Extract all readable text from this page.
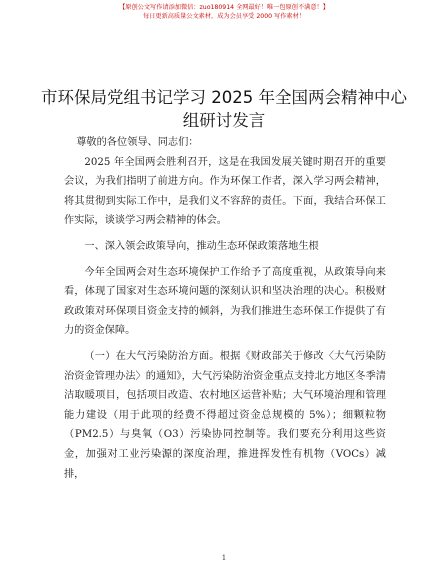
【原创公文写作请添加微信：zuo180914 全网最好！唯一包原创不满意！】
每日更新高质量公文素材，成为会员享受 2000 写作素材！
市环保局党组书记学习 2025 年全国两会精神中心组研讨发言

尊敬的各位领导、同志们：

2025 年全国两会胜利召开，这是在我国发展关键时期召开的重要会议，为我们指明了前进方向。作为环保工作者，深入学习两会精神，将其贯彻到实际工作中，是我们义不容辞的责任。下面，我结合环保工作实际，谈谈学习两会精神的体会。

一、深入领会政策导向，推动生态环保政策落地生根

今年全国两会对生态环境保护工作给予了高度重视，从政策导向来看，体现了国家对生态环境问题的深刻认识和坚决治理的决心。积极财政政策对环保项目资金支持的倾斜，为我们推进生态环保工作提供了有力的资金保障。

（一）在大气污染防治方面。根据《财政部关于修改〈大气污染防治资金管理办法〉的通知》，大气污染防治资金重点支持北方地区冬季清洁取暖项目，包括项目改造、农村地区运营补贴；大气环境治理和管理能力建设（用于此项的经费不得超过资金总规模的 5%）；细颗粒物（PM2.5）与臭氧（O3）污染协同控制等。我们要充分利用这些资金，加强对工业污染源的深度治理，推进挥发性有机物（VOCs）减排，

1
